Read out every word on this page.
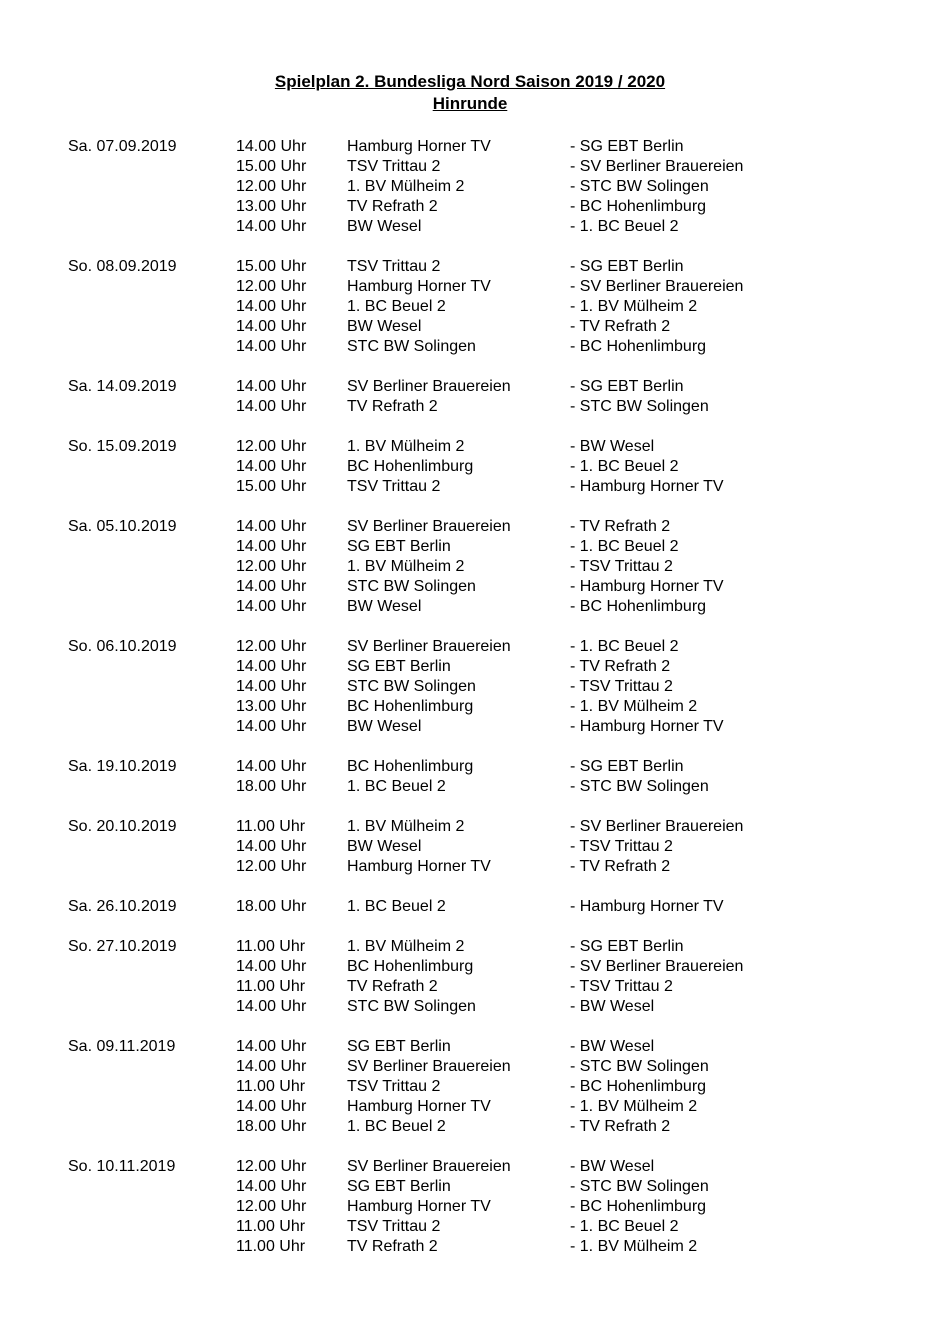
Spielplan 2. Bundesliga Nord Saison 2019 / 2020
Hinrunde
Sa. 07.09.2019	14.00 Uhr	Hamburg Horner TV	- SG EBT Berlin
15.00 Uhr	TSV Trittau 2	- SV Berliner Brauereien
12.00 Uhr	1. BV Mülheim 2	- STC BW Solingen
13.00 Uhr	TV Refrath 2	- BC Hohenlimburg
14.00 Uhr	BW Wesel	- 1. BC Beuel 2
So. 08.09.2019	15.00 Uhr	TSV Trittau 2	- SG EBT Berlin
12.00 Uhr	Hamburg Horner TV	- SV Berliner Brauereien
14.00 Uhr	1. BC Beuel 2	- 1. BV Mülheim 2
14.00 Uhr	BW Wesel	- TV Refrath 2
14.00 Uhr	STC BW Solingen	- BC Hohenlimburg
Sa. 14.09.2019	14.00 Uhr	SV Berliner Brauereien	- SG EBT Berlin
14.00 Uhr	TV Refrath 2	- STC BW Solingen
So. 15.09.2019	12.00 Uhr	1. BV Mülheim 2	- BW Wesel
14.00 Uhr	BC Hohenlimburg	- 1. BC Beuel 2
15.00 Uhr	TSV Trittau 2	- Hamburg Horner TV
Sa. 05.10.2019	14.00 Uhr	SV Berliner Brauereien	- TV Refrath 2
14.00 Uhr	SG EBT Berlin	- 1. BC Beuel 2
12.00 Uhr	1. BV Mülheim 2	- TSV Trittau 2
14.00 Uhr	STC BW Solingen	- Hamburg Horner TV
14.00 Uhr	BW Wesel	- BC Hohenlimburg
So. 06.10.2019	12.00 Uhr	SV Berliner Brauereien	- 1. BC Beuel 2
14.00 Uhr	SG EBT Berlin	- TV Refrath 2
14.00 Uhr	STC BW Solingen	- TSV Trittau 2
13.00 Uhr	BC Hohenlimburg	- 1. BV Mülheim 2
14.00 Uhr	BW Wesel	- Hamburg Horner TV
Sa. 19.10.2019	14.00 Uhr	BC Hohenlimburg	- SG EBT Berlin
18.00 Uhr	1. BC Beuel 2	- STC BW Solingen
So. 20.10.2019	11.00 Uhr	1. BV Mülheim 2	- SV Berliner Brauereien
14.00 Uhr	BW Wesel	- TSV Trittau 2
12.00 Uhr	Hamburg Horner TV	- TV Refrath 2
Sa. 26.10.2019	18.00 Uhr	1. BC Beuel 2	- Hamburg Horner TV
So. 27.10.2019	11.00 Uhr	1. BV Mülheim 2	- SG EBT Berlin
14.00 Uhr	BC Hohenlimburg	- SV Berliner Brauereien
11.00 Uhr	TV Refrath 2	- TSV Trittau 2
14.00 Uhr	STC BW Solingen	- BW Wesel
Sa. 09.11.2019	14.00 Uhr	SG EBT Berlin	- BW Wesel
14.00 Uhr	SV Berliner Brauereien	- STC BW Solingen
11.00 Uhr	TSV Trittau 2	- BC Hohenlimburg
14.00 Uhr	Hamburg Horner TV	- 1. BV Mülheim 2
18.00 Uhr	1. BC Beuel 2	- TV Refrath 2
So. 10.11.2019	12.00 Uhr	SV Berliner Brauereien	- BW Wesel
14.00 Uhr	SG EBT Berlin	- STC BW Solingen
12.00 Uhr	Hamburg Horner TV	- BC Hohenlimburg
11.00 Uhr	TSV Trittau 2	- 1. BC Beuel 2
11.00 Uhr	TV Refrath 2	- 1. BV Mülheim 2
